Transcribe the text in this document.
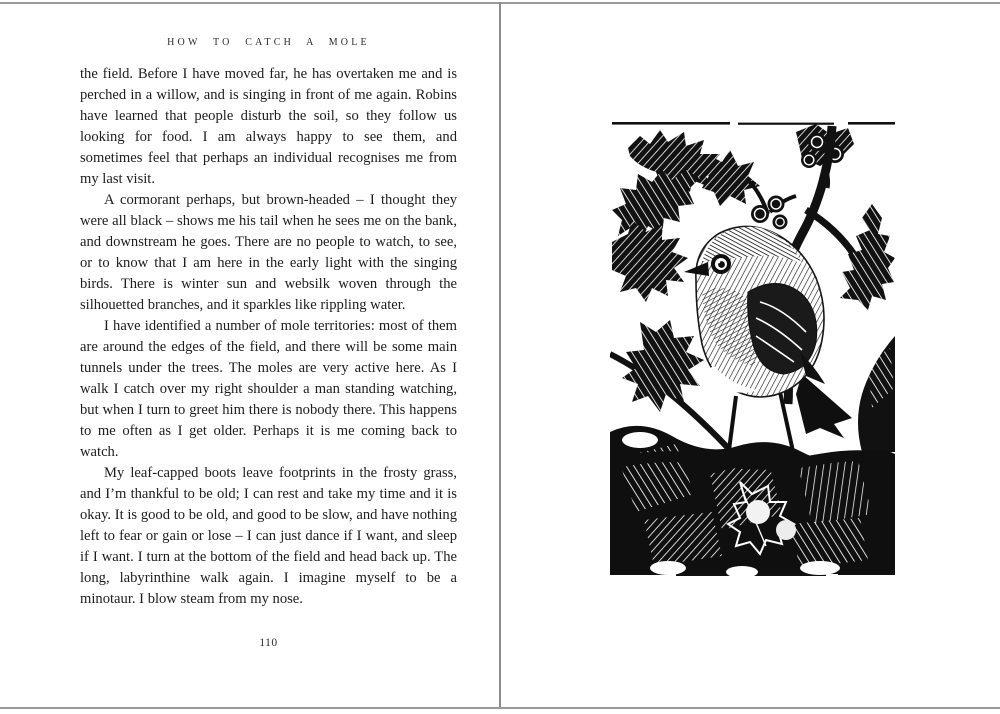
HOW TO CATCH A MOLE

the field. Before I have moved far, he has overtaken me and is perched in a willow, and is singing in front of me again. Robins have learned that people disturb the soil, so they follow us looking for food. I am always happy to see them, and sometimes feel that perhaps an individual recognises me from my last visit.

A cormorant perhaps, but brown-headed – I thought they were all black – shows me his tail when he sees me on the bank, and downstream he goes. There are no people to watch, to see, or to know that I am here in the early light with the singing birds. There is winter sun and websilk woven through the silhouetted branches, and it sparkles like rippling water.

I have identified a number of mole territories: most of them are around the edges of the field, and there will be some main tunnels under the trees. The moles are very active here. As I walk I catch over my right shoulder a man standing watching, but when I turn to greet him there is nobody there. This happens to me often as I get older. Perhaps it is me coming back to watch.

My leaf-capped boots leave footprints in the frosty grass, and I’m thankful to be old; I can rest and take my time and it is okay. It is good to be old, and good to be slow, and have nothing left to fear or gain or lose – I can just dance if I want, and sleep if I want. I turn at the bottom of the field and head back up. The long, labyrinthine walk again. I imagine myself to be a minotaur. I blow steam from my nose.

110
